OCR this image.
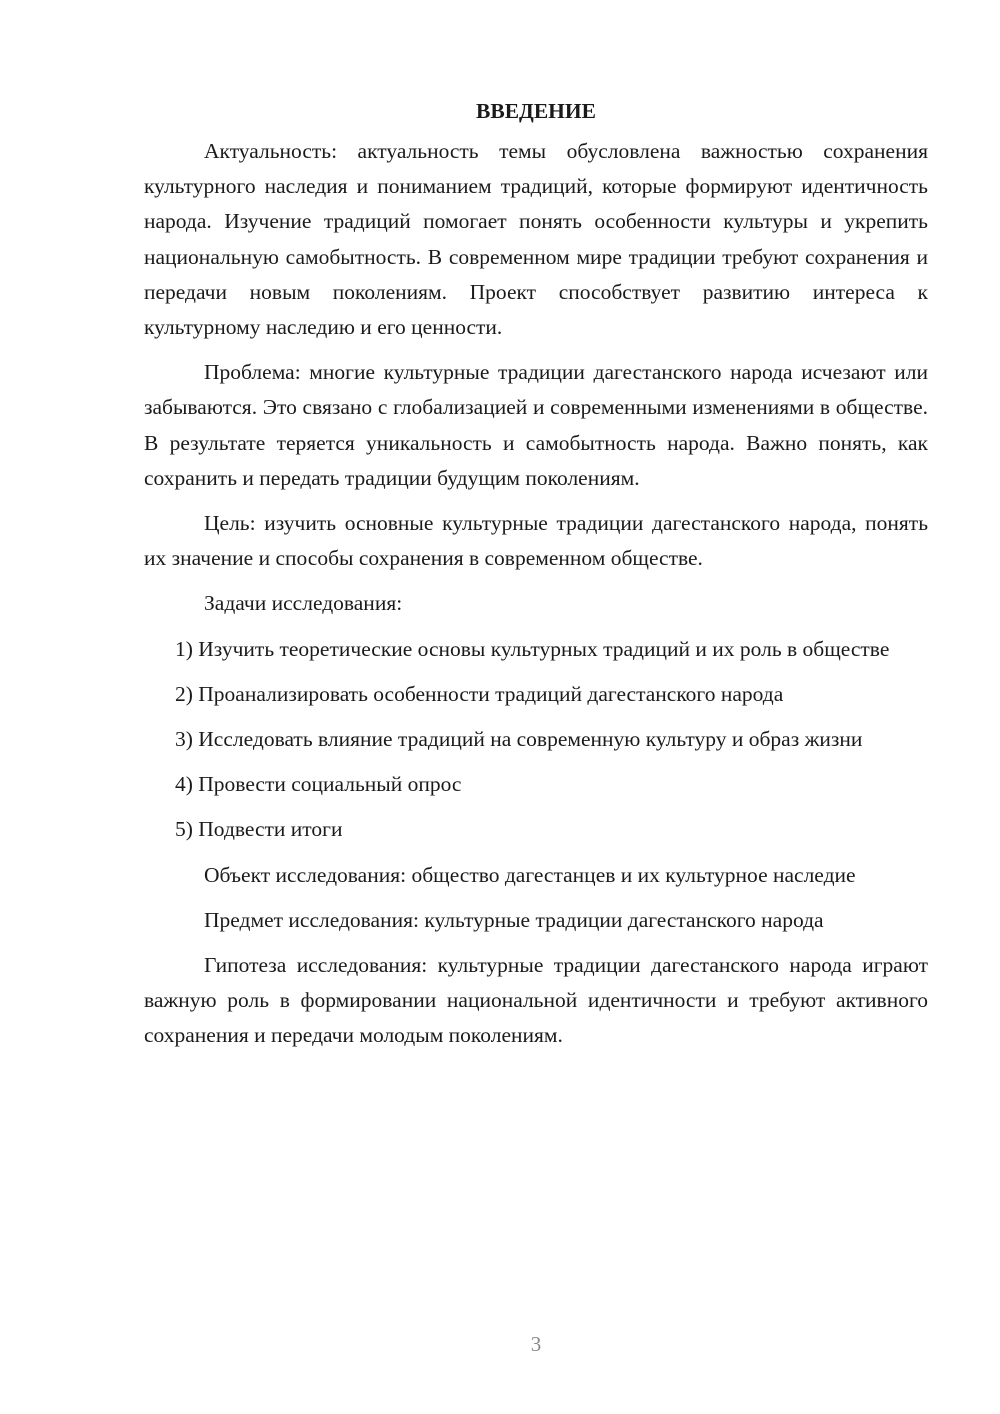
ВВЕДЕНИЕ

Актуальность: актуальность темы обусловлена важностью сохранения культурного наследия и пониманием традиций, которые формируют идентичность народа. Изучение традиций помогает понять особенности культуры и укрепить национальную самобытность. В современном мире традиции требуют сохранения и передачи новым поколениям. Проект способствует развитию интереса к культурному наследию и его ценности.

Проблема: многие культурные традиции дагестанского народа исчезают или забываются. Это связано с глобализацией и современными изменениями в обществе. В результате теряется уникальность и самобытность народа. Важно понять, как сохранить и передать традиции будущим поколениям.

Цель: изучить основные культурные традиции дагестанского народа, понять их значение и способы сохранения в современном обществе.

Задачи исследования:

1) Изучить теоретические основы культурных традиций и их роль в обществе

2) Проанализировать особенности традиций дагестанского народа

3) Исследовать влияние традиций на современную культуру и образ жизни

4) Провести социальный опрос

5) Подвести итоги

Объект исследования: общество дагестанцев и их культурное наследие

Предмет исследования: культурные традиции дагестанского народа

Гипотеза исследования: культурные традиции дагестанского народа играют важную роль в формировании национальной идентичности и требуют активного сохранения и передачи молодым поколениям.

3
